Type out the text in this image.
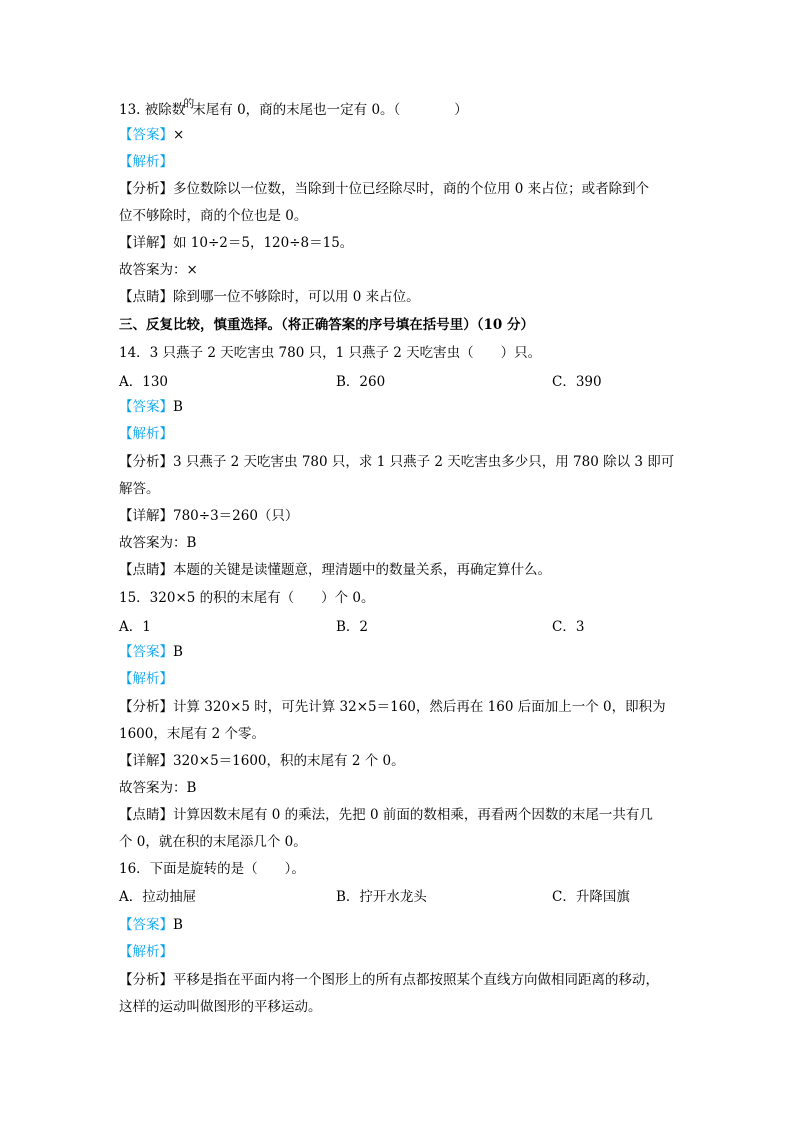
13. 被除数的末尾有 0，商的末尾也一定有 0。（　　　　）
【答案】×
【解析】
【分析】多位数除以一位数，当除到十位已经除尽时，商的个位用 0 来占位；或者除到个
位不够除时，商的个位也是 0。
【详解】如 10÷2＝5，120÷8＝15。
故答案为：×
【点睛】除到哪一位不够除时，可以用 0 来占位。
三、反复比较，慎重选择。（将正确答案的序号填在括号里）（10 分）
14．3 只燕子 2 天吃害虫 780 只，1 只燕子 2 天吃害虫（　　）只。
A．130	B．260	C．390
【答案】B
【解析】
【分析】3 只燕子 2 天吃害虫 780 只，求 1 只燕子 2 天吃害虫多少只，用 780 除以 3 即可
解答。
【详解】780÷3＝260（只）
故答案为：B
【点睛】本题的关键是读懂题意，理清题中的数量关系，再确定算什么。
15．320×5 的积的末尾有（　　）个 0。
A．1	B．2	C．3
【答案】B
【解析】
【分析】计算 320×5 时，可先计算 32×5＝160，然后再在 160 后面加上一个 0，即积为
1600，末尾有 2 个零。
【详解】320×5＝1600，积的末尾有 2 个 0。
故答案为：B
【点睛】计算因数末尾有 0 的乘法，先把 0 前面的数相乘，再看两个因数的末尾一共有几
个 0，就在积的末尾添几个 0。
16．下面是旋转的是（　　）。
A．拉动抽屉	B．拧开水龙头	C．升降国旗
【答案】B
【解析】
【分析】平移是指在平面内将一个图形上的所有点都按照某个直线方向做相同距离的移动，
这样的运动叫做图形的平移运动。
